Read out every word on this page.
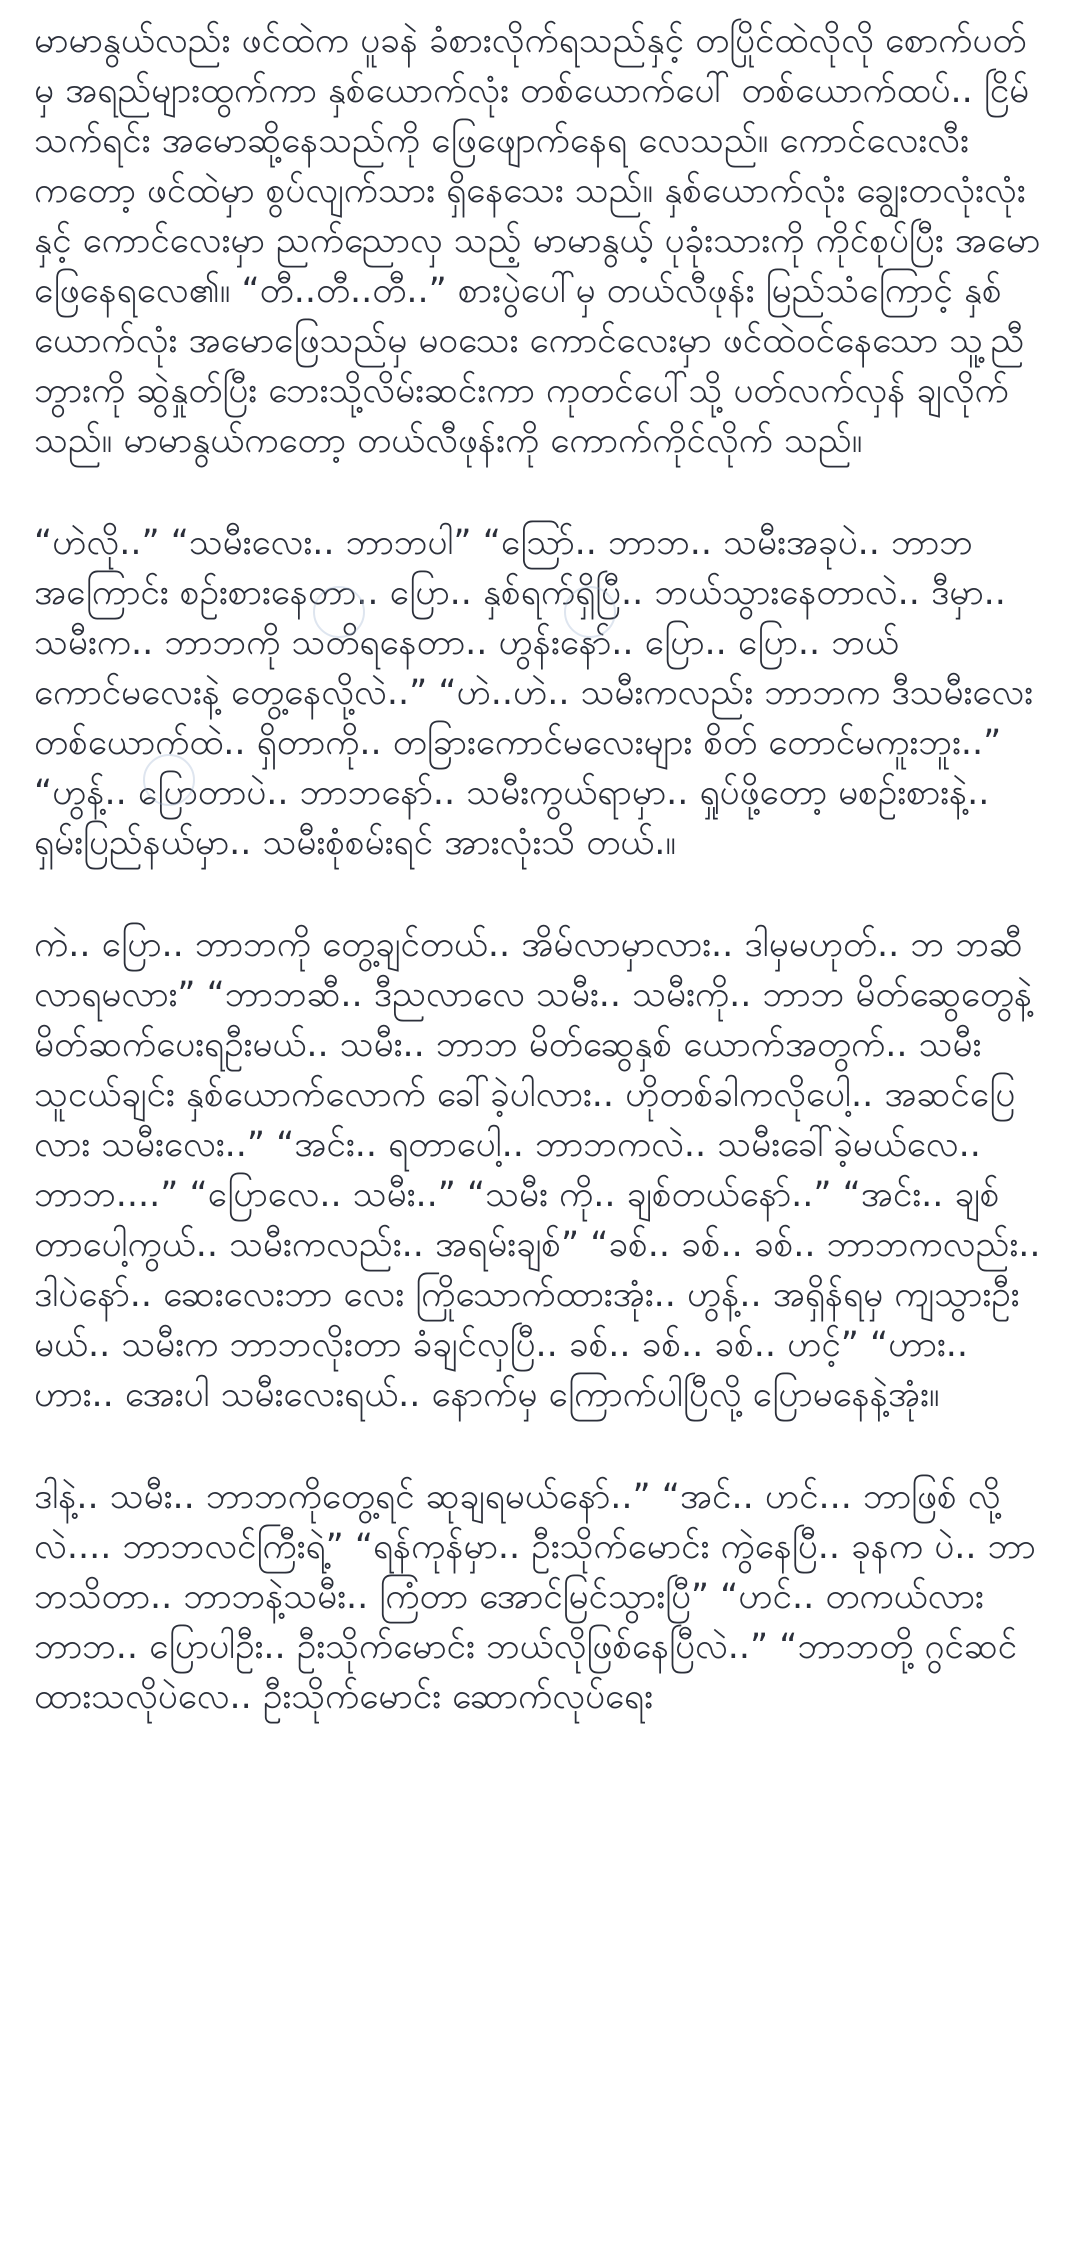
မာမာနွယ်လည်း ဖင်ထဲက ပူခနဲ ခံစားလိုက်ရသည်နှင့် တပြိုင်ထဲလိုလို စောက်ပတ်မှ အရည်များထွက်ကာ နှစ်ယောက်လုံး တစ်ယောက်ပေါ် တစ်ယောက်ထပ်.. ငြိမ်သက်ရင်း အမောဆို့နေသည်ကို ဖြေဖျောက်နေရ လေသည်။ ကောင်လေးလီးကတော့ ဖင်ထဲမှာ စွပ်လျက်သား ရှိနေသေး သည်။ နှစ်ယောက်လုံး ချွေးတလုံးလုံးနှင့် ကောင်လေးမှာ ညက်ညောလှ သည့် မာမာနွယ့် ပုခုံးသားကို ကိုင်စုပ်ပြီး အမောဖြေနေရလေ၏။ “တီ..တီ..တီ..” စားပွဲပေါ်မှ တယ်လီဖုန်း မြည်သံကြောင့် နှစ်ယောက်လုံး အမောဖြေသည်မှ မဝသေး ကောင်လေးမှာ ဖင်ထဲဝင်နေသော သူ့ညီ ဘွားကို ဆွဲနှုတ်ပြီး ဘေးသို့လိမ်းဆင်းကာ ကုတင်ပေါ်သို့ ပတ်လက်လှန် ချလိုက်သည်။ မာမာနွယ်ကတော့ တယ်လီဖုန်းကို ကောက်ကိုင်လိုက် သည်။

“ဟဲလို..” “သမီးလေး.. ဘာဘပါ” “သြော်.. ဘာဘ.. သမီးအခုပဲ.. ဘာဘ အကြောင်း စဉ်းစားနေတာ.. ပြော.. နှစ်ရက်ရှိပြီ.. ဘယ်သွားနေတာလဲ.. ဒီမှာ.. သမီးက.. ဘာဘကို သတိရနေတာ.. ဟွန်းနော်.. ပြော.. ပြော.. ဘယ်ကောင်မလေးနဲ့ တွေ့နေလို့လဲ..” “ဟဲ..ဟဲ.. သမီးကလည်း ဘာဘက ဒီသမီးလေးတစ်ယောက်ထဲ.. ရှိတာကို.. တခြားကောင်မလေးများ စိတ် တောင်မကူးဘူး..” “ဟွန့်.. ပြောတာပဲ.. ဘာဘနော်.. သမီးကွယ်ရာမှာ.. ရှုပ်ဖို့တော့ မစဉ်းစားနဲ့.. ရှမ်းပြည်နယ်မှာ.. သမီးစုံစမ်းရင် အားလုံးသိ တယ်.။

ကဲ.. ပြော.. ဘာဘကို တွေ့ချင်တယ်.. အိမ်လာမှာလား.. ဒါမှမဟုတ်.. ဘ ဘဆီ လာရမလား” “ဘာဘဆီ.. ဒီညလာလေ သမီး.. သမီးကို.. ဘာဘ မိတ်ဆွေတွေနဲ့ မိတ်ဆက်ပေးရဦးမယ်.. သမီး.. ဘာဘ မိတ်ဆွေနှစ် ယောက်အတွက်.. သမီးသူငယ်ချင်း နှစ်ယောက်လောက် ခေါ်ခဲ့ပါလား.. ဟိုတစ်ခါကလိုပေါ့.. အဆင်ပြေလား သမီးလေး..” “အင်း.. ရတာပေါ့.. ဘာဘကလဲ.. သမီးခေါ်ခဲ့မယ်လေ.. ဘာဘ....” “ပြောလေ.. သမီး..” “သမီး ကို.. ချစ်တယ်နော်..” “အင်း.. ချစ်တာပေါ့ကွယ်.. သမီးကလည်း.. အရမ်းချစ်” “ခစ်.. ခစ်.. ခစ်.. ဘာဘကလည်း.. ဒါပဲနော်.. ဆေးလေးဘာ လေး ကြိုသောက်ထားအုံး.. ဟွန့်.. အရှိန်ရမှ ကျသွားဦးမယ်.. သမီးက ဘာဘလိုးတာ ခံချင်လှပြီ.. ခစ်.. ခစ်.. ခစ်.. ဟင့်” “ဟား.. ဟား.. အေးပါ သမီးလေးရယ်.. နောက်မှ ကြောက်ပါပြီလို့ ပြောမနေနဲ့အုံး။

ဒါနဲ့.. သမီး.. ဘာဘကိုတွေ့ရင် ဆုချရမယ်နော်..” “အင်.. ဟင်... ဘာဖြစ် လို့လဲ.... ဘာဘလင်ကြီးရဲ့” “ရန်ကုန်မှာ.. ဦးသိုက်မောင်း ကွဲနေပြီ.. ခုနက ပဲ.. ဘာဘသိတာ.. ဘာဘနဲ့သမီး.. ကြံတာ အောင်မြင်သွားပြီ” “ဟင်.. တကယ်လား ဘာဘ.. ပြောပါဦး.. ဦးသိုက်မောင်း ဘယ်လိုဖြစ်နေပြီလဲ..” “ဘာဘတို့ ဂွင်ဆင်ထားသလိုပဲလေ.. ဦးသိုက်မောင်း ဆောက်လုပ်ရေး
